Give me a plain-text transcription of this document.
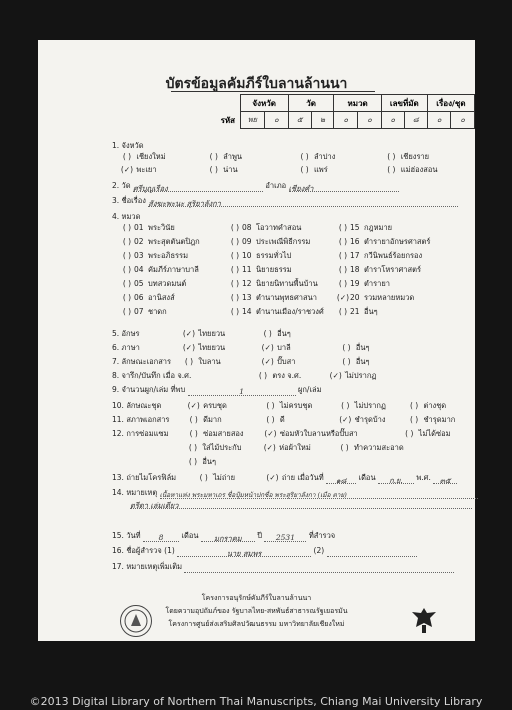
บัตรข้อมูลคัมภีร์ใบลานล้านนา
	จังหวัด		วัด		หมวด		เลขที่มัด		เรื่อง/ชุด	
รหัส	พย	๐	๕	๒	๐	๐	๐	๘	๐	๐
1. จังหวัด
( ) เชียงใหม่	( ) ลำพูน	( ) ลำปาง	( ) เชียงราย
(✓) พะเยา	( ) น่าน	( ) แพร่	( ) แม่ฮ่องสอน
2. วัด ศรีบุญเรือง	อำเภอ เชียงคำ
3. ชื่อเรื่อง สังฆะพะนะ สุริยาลังกา
4. หมวด
( ) 01 พระวินัย	( ) 08 โอวาทคำสอน	( ) 15 กฎหมาย
( ) 02 พระสุตตันตปิฎก	( ) 09 ประเพณีพิธีกรรม	( ) 16 ตำรายาอักษรศาสตร์
( ) 03 พระอภิธรรม	( ) 10 ธรรมทั่วไป	( ) 17 กวีนิพนธ์ร้อยกรอง
( ) 04 คัมภีร์ภาษาบาลี	( ) 11 นิยายธรรม	( ) 18 ตำราโหราศาสตร์
( ) 05 บทสวดมนต์	( ) 12 นิยายนิทานพื้นบ้าน	( ) 19 ตำรายา
( ) 06 อานิสงส์	( ) 13 ตำนานพุทธศาสนา	(✓)20 รวมหลายหมวด
( ) 07 ชาดก	( ) 14 ตำนานเมือง/ราชวงศ์ ( ) 21 อื่นๆ
5. อักษร	(✓) ไทยยวน	( ) อื่นๆ
6. ภาษา	(✓) ไทยยวน	(✓) บาลี	( ) อื่นๆ
7. ลักษณะเอกสาร ( ) ใบลาน	(✓) ปั๊บสา	( ) อื่นๆ
8. จารึก/บันทึก เมื่อ จ.ศ.	( ) ตรง จ.ศ.	(✓) ไม่ปรากฏ
9. จำนวนผูก/เล่ม ที่พบ	1	ผูก/เล่ม
10. ลักษณะชุด	(✓) ครบชุด	( ) ไม่ครบชุด	( ) ไม่ปรากฏ	( ) ต่างชุด
11. สภาพเอกสาร	( ) ดีมาก	( ) ดี	(✓) ชำรุดบ้าง	( ) ชำรุดมาก
12. การซ่อมแซม	( ) ซ่อมสายสอง	(✓) ซ่อมหัวใบลานหรือปั๊บสา	( ) ไม่ได้ซ่อม
( ) ใส่ไม้ประกับ	(✓) ห่อผ้าใหม่	( ) ทำความสะอาด
( ) อื่นๆ
13. ถ่ายไมโครฟิล์ม	( ) ไม่ถ่าย	(✓) ถ่าย เมื่อวันที่ ๑๘ เดือน ก.ย. พ.ศ. ๓๕
14. หมายเหตุ เนื้อหาแห่ง พระมหาเถร ชื่อปุ้มหน้าปกชื่อ พระสุริยาลังกา (เมือ ตาย)
ตรีดา เล่มเดียว
15. วันที่ 8 เดือน มกราคม ปี 2531 ที่สำรวจ
16. ชื่อผู้สำรวจ (1)	นาย สมพร	(2)
17. หมายเหตุเพิ่มเติม
โครงการอนุรักษ์คัมภีร์ใบลานล้านนา
โดยความอุปถัมภ์ของ รัฐบาลไทย-สหพันธ์สาธารณรัฐเยอรมัน
โครงการศูนย์ส่งเสริมศิลปวัฒนธรรม มหาวิทยาลัยเชียงใหม่
©2013 Digital Library of Northern Thai Manuscripts, Chiang Mai University Library
